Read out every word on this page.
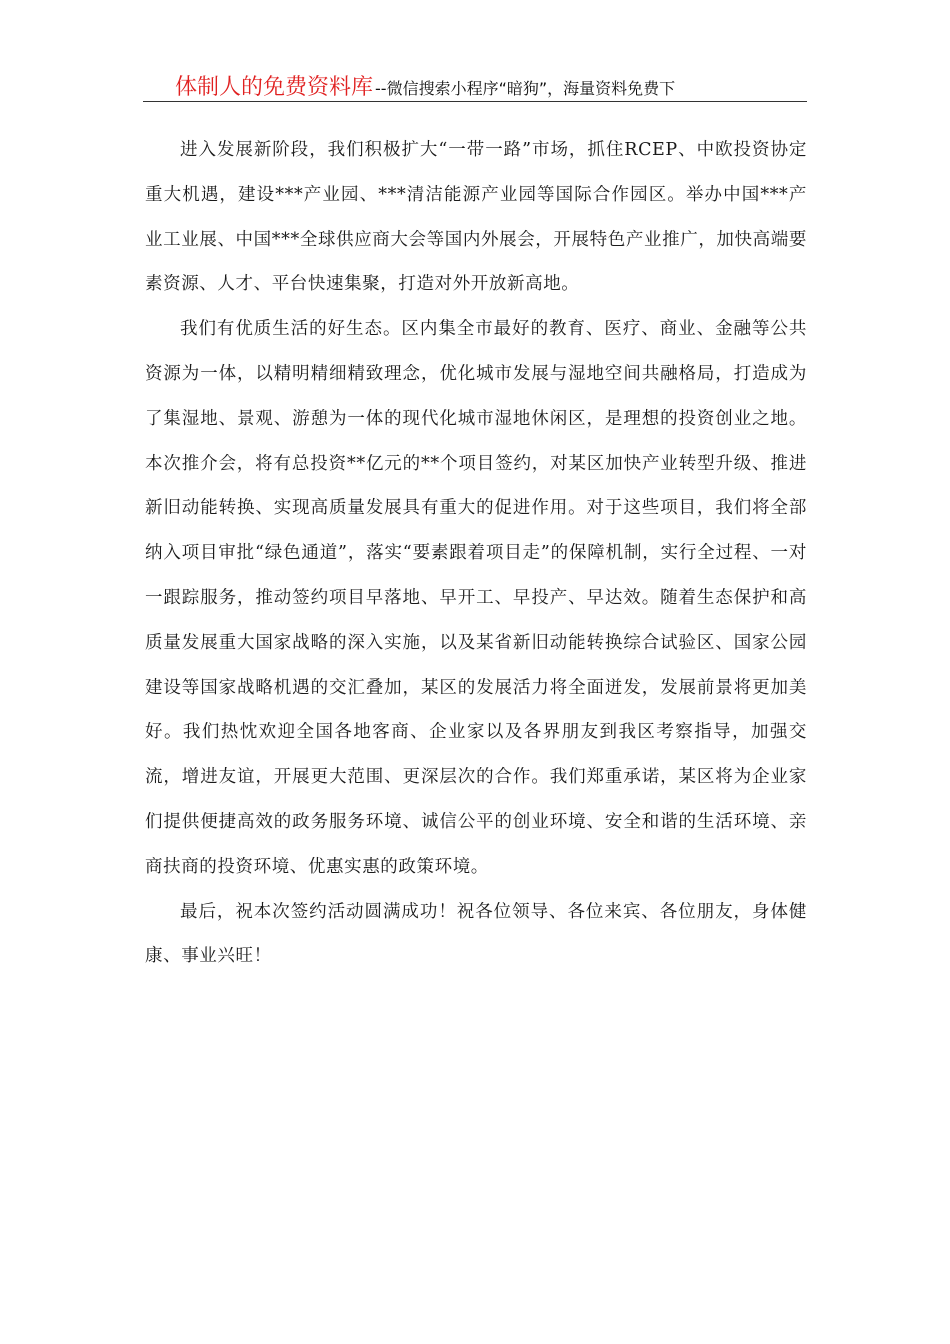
体制人的免费资料库 --微信搜索小程序“暗狗”，海量资料免费下

进入发展新阶段，我们积极扩大“一带一路”市场，抓住RCEP、中欧投资协定重大机遇，建设***产业园、***清洁能源产业园等国际合作园区。举办中国***产业工业展、中国***全球供应商大会等国内外展会，开展特色产业推广，加快高端要素资源、人才、平台快速集聚，打造对外开放新高地。

我们有优质生活的好生态。区内集全市最好的教育、医疗、商业、金融等公共资源为一体，以精明精细精致理念，优化城市发展与湿地空间共融格局，打造成为了集湿地、景观、游憩为一体的现代化城市湿地休闲区，是理想的投资创业之地。本次推介会，将有总投资**亿元的**个项目签约，对某区加快产业转型升级、推进新旧动能转换、实现高质量发展具有重大的促进作用。对于这些项目，我们将全部纳入项目审批“绿色通道”，落实“要素跟着项目走”的保障机制，实行全过程、一对一跟踪服务，推动签约项目早落地、早开工、早投产、早达效。随着生态保护和高质量发展重大国家战略的深入实施，以及某省新旧动能转换综合试验区、国家公园建设等国家战略机遇的交汇叠加，某区的发展活力将全面迸发，发展前景将更加美好。我们热忱欢迎全国各地客商、企业家以及各界朋友到我区考察指导，加强交流，增进友谊，开展更大范围、更深层次的合作。我们郑重承诺，某区将为企业家们提供便捷高效的政务服务环境、诚信公平的创业环境、安全和谐的生活环境、亲商扶商的投资环境、优惠实惠的政策环境。

最后，祝本次签约活动圆满成功！祝各位领导、各位来宾、各位朋友，身体健康、事业兴旺！
